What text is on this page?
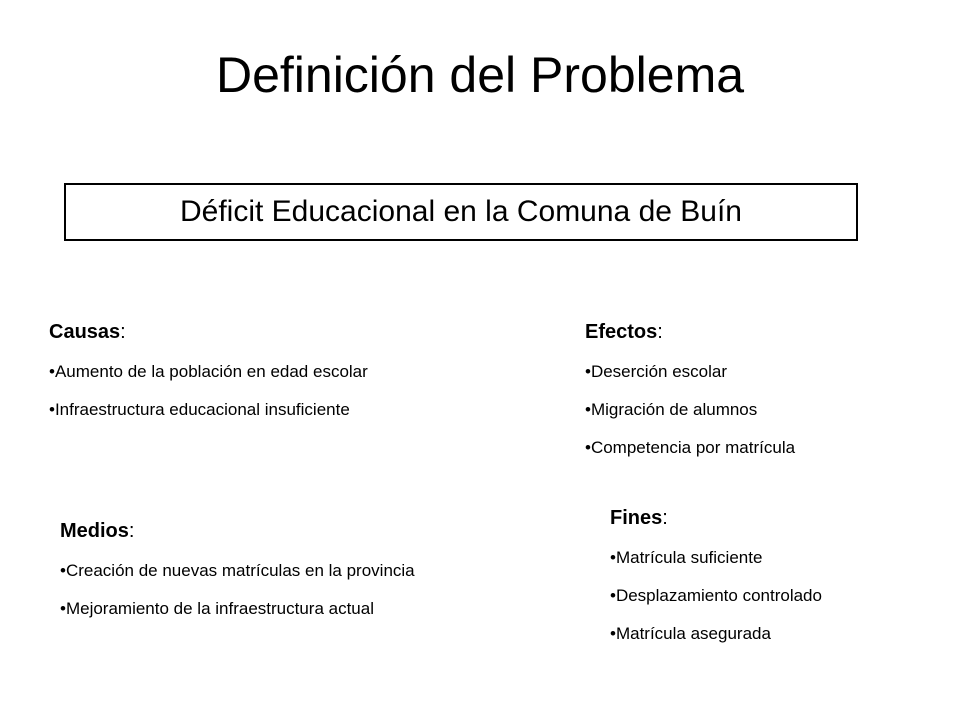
Definición del Problema
Déficit Educacional en la Comuna de Buín
Causas:
•Aumento de la población en edad escolar
•Infraestructura educacional insuficiente
Efectos:
•Deserción escolar
•Migración de alumnos
•Competencia por matrícula
Medios:
•Creación de nuevas matrículas en la provincia
•Mejoramiento de la infraestructura actual
Fines:
•Matrícula suficiente
•Desplazamiento controlado
•Matrícula asegurada
